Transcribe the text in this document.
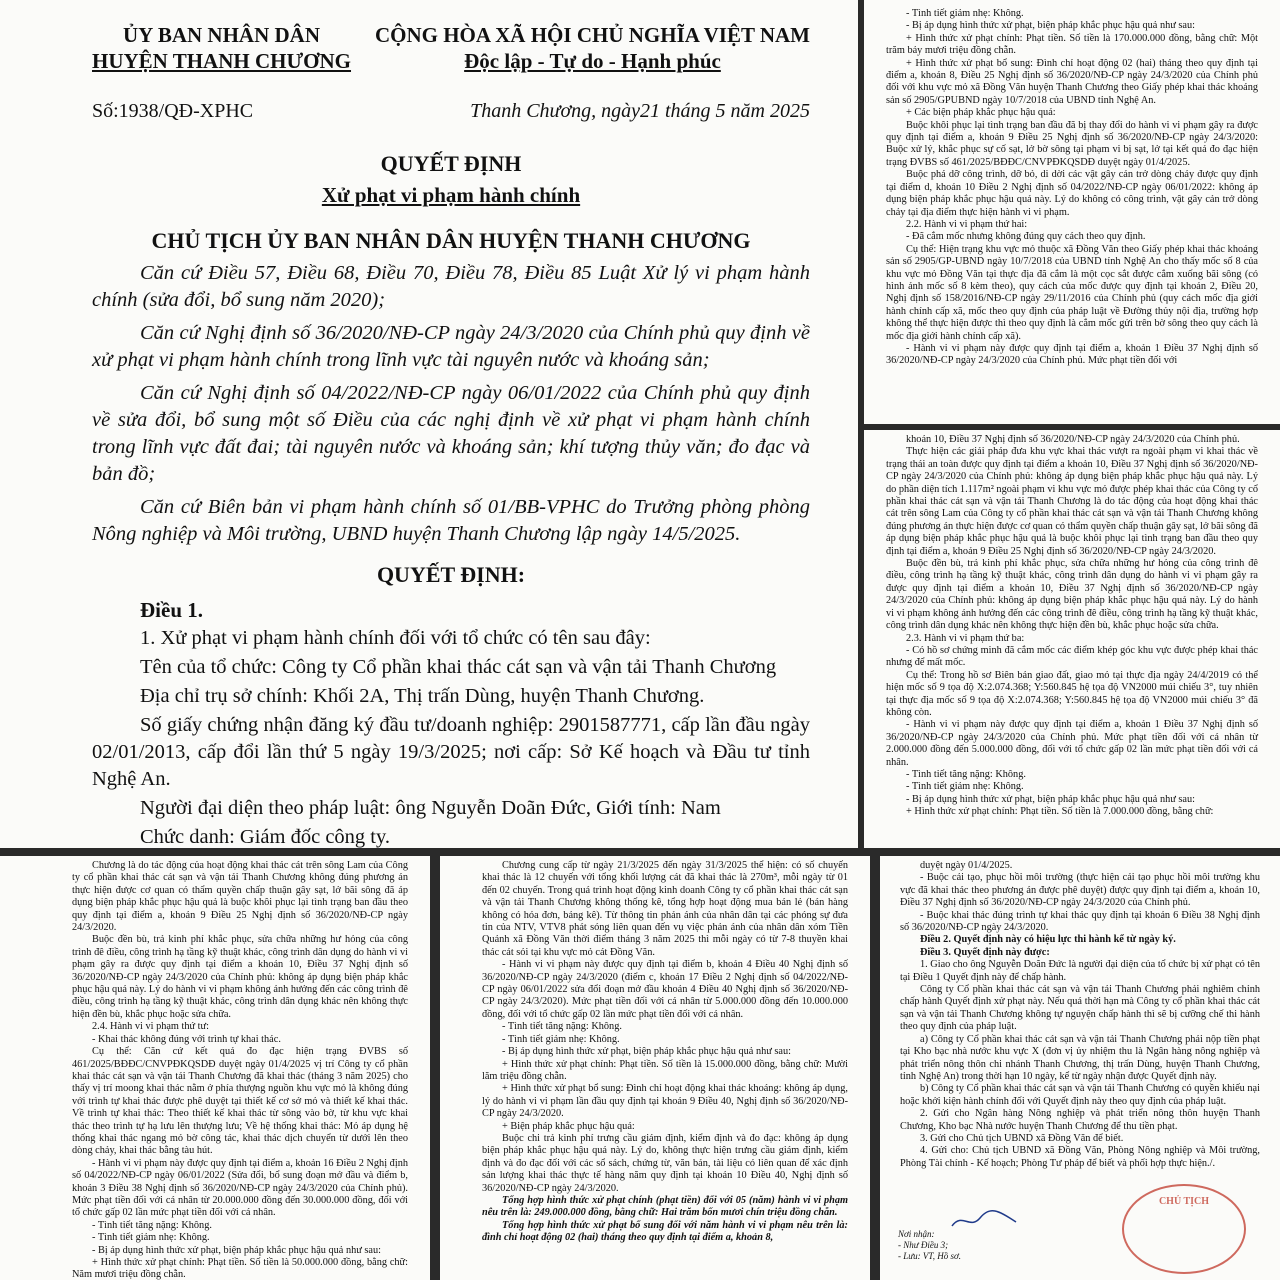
ỦY BAN NHÂN DÂN
HUYỆN THANH CHƯƠNG
CỘNG HÒA XÃ HỘI CHỦ NGHĨA VIỆT NAM
Độc lập - Tự do - Hạnh phúc
Số:1938/QĐ-XPHC	Thanh Chương, ngày21 tháng 5 năm 2025
QUYẾT ĐỊNH
Xử phạt vi phạm hành chính
CHỦ TỊCH ỦY BAN NHÂN DÂN HUYỆN THANH CHƯƠNG

Căn cứ Điều 57, Điều 68, Điều 70, Điều 78, Điều 85 Luật Xử lý vi phạm hành chính (sửa đổi, bổ sung năm 2020);

Căn cứ Nghị định số 36/2020/NĐ-CP ngày 24/3/2020 của Chính phủ quy định về xử phạt vi phạm hành chính trong lĩnh vực tài nguyên nước và khoáng sản;

Căn cứ Nghị định số 04/2022/NĐ-CP ngày 06/01/2022 của Chính phủ quy định về sửa đổi, bổ sung một số Điều của các nghị định về xử phạt vi phạm hành chính trong lĩnh vực đất đai; tài nguyên nước và khoáng sản; khí tượng thủy văn; đo đạc và bản đồ;

Căn cứ Biên bản vi phạm hành chính số 01/BB-VPHC do Trưởng phòng phòng Nông nghiệp và Môi trường, UBND huyện Thanh Chương lập ngày 14/5/2025.

QUYẾT ĐỊNH:
Điều 1.

1. Xử phạt vi phạm hành chính đối với tổ chức có tên sau đây:

Tên của tổ chức: Công ty Cổ phần khai thác cát sạn và vận tải Thanh Chương

Địa chỉ trụ sở chính: Khối 2A, Thị trấn Dùng, huyện Thanh Chương.

Số giấy chứng nhận đăng ký đầu tư/doanh nghiệp: 2901587771, cấp lần đầu ngày 02/01/2013, cấp đổi lần thứ 5 ngày 19/3/2025; nơi cấp: Sở Kế hoạch và Đầu tư tỉnh Nghệ An.

Người đại diện theo pháp luật: ông Nguyễn Doãn Đức, Giới tính: Nam

Chức danh: Giám đốc công ty.

- Tình tiết giảm nhẹ: Không.

- Bị áp dụng hình thức xử phạt, biện pháp khắc phục hậu quả như sau:

+ Hình thức xử phạt chính: Phạt tiền. Số tiền là 170.000.000 đồng, bằng chữ: Một trăm bảy mươi triệu đồng chẵn.

+ Hình thức xử phạt bổ sung: Đình chỉ hoạt động 02 (hai) tháng theo quy định tại điểm a, khoản 8, Điều 25 Nghị định số 36/2020/NĐ-CP ngày 24/3/2020 của Chính phủ đối với khu vực mỏ xã Đồng Văn huyện Thanh Chương theo Giấy phép khai thác khoáng sản số 2905/GPUBND ngày 10/7/2018 của UBND tỉnh Nghệ An.

+ Các biện pháp khắc phục hậu quả:

Buộc khôi phục lại tình trạng ban đầu đã bị thay đổi do hành vi vi phạm gây ra được quy định tại điểm a, khoản 9 Điều 25 Nghị định số 36/2020/NĐ-CP ngày 24/3/2020: Buộc xử lý, khắc phục sự cố sạt, lở bờ sông tại phạm vi bị sạt, lở tại kết quả đo đạc hiện trạng ĐVBS số 461/2025/BĐĐC/CNVPĐKQSDĐ duyệt ngày 01/4/2025.

Buộc phá dỡ công trình, dỡ bỏ, di dời các vật gây cản trở dòng chảy được quy định tại điểm d, khoản 10 Điều 2 Nghị định số 04/2022/NĐ-CP ngày 06/01/2022: không áp dụng biện pháp khắc phục hậu quả này. Lý do không có công trình, vật gây cản trở dòng chảy tại địa điểm thực hiện hành vi vi phạm.

2.2. Hành vi vi phạm thứ hai:

- Đã cắm mốc nhưng không đúng quy cách theo quy định.

Cụ thể: Hiện trạng khu vực mỏ thuộc xã Đồng Văn theo Giấy phép khai thác khoáng sản số 2905/GP-UBND ngày 10/7/2018 của UBND tỉnh Nghệ An cho thấy mốc số 8 của khu vực mỏ Đồng Văn tại thực địa đã cắm là một cọc sắt được cắm xuống bãi sông (có hình ảnh mốc số 8 kèm theo), quy cách của mốc được quy định tại khoản 2, Điều 20, Nghị định số 158/2016/NĐ-CP ngày 29/11/2016 của Chính phủ (quy cách mốc địa giới hành chính cấp xã, mốc theo quy định của pháp luật về Đường thủy nội địa, trường hợp không thể thực hiện được thì theo quy định là cắm mốc gửi trên bờ sông theo quy cách là mốc địa giới hành chính cấp xã).

- Hành vi vi phạm này được quy định tại điểm a, khoản 1 Điều 37 Nghị định số 36/2020/NĐ-CP ngày 24/3/2020 của Chính phủ. Mức phạt tiền đối với

khoản 10, Điều 37 Nghị định số 36/2020/NĐ-CP ngày 24/3/2020 của Chính phủ.

Thực hiện các giải pháp đưa khu vực khai thác vượt ra ngoài phạm vi khai thác về trạng thái an toàn được quy định tại điểm a khoản 10, Điều 37 Nghị định số 36/2020/NĐ-CP ngày 24/3/2020 của Chính phủ: không áp dụng biện pháp khắc phục hậu quả này. Lý do phần diện tích 1.117m² ngoài phạm vi khu vực mỏ được phép khai thác của Công ty cổ phần khai thác cát sạn và vận tải Thanh Chương là do tác động của hoạt động khai thác cát trên sông Lam của Công ty cổ phần khai thác cát sạn và vận tải Thanh Chương không đúng phương án thực hiện được cơ quan có thẩm quyền chấp thuận gây sạt, lở bãi sông đã áp dụng biện pháp khắc phục hậu quả là buộc khôi phục lại tình trạng ban đầu theo quy định tại điểm a, khoản 9 Điều 25 Nghị định số 36/2020/NĐ-CP ngày 24/3/2020.

Buộc đền bù, trả kinh phí khắc phục, sửa chữa những hư hỏng của công trình đê điều, công trình hạ tầng kỹ thuật khác, công trình dân dụng do hành vi vi phạm gây ra được quy định tại điểm a khoản 10, Điều 37 Nghị định số 36/2020/NĐ-CP ngày 24/3/2020 của Chính phủ: không áp dụng biện pháp khắc phục hậu quả này. Lý do hành vi vi phạm không ảnh hưởng đến các công trình đê điều, công trình hạ tầng kỹ thuật khác, công trình dân dụng khác nên không thực hiện đền bù, khắc phục hoặc sửa chữa.

2.3. Hành vi vi phạm thứ ba:

- Có hồ sơ chứng minh đã cắm mốc các điểm khép góc khu vực được phép khai thác nhưng để mất mốc.

Cụ thể: Trong hồ sơ Biên bản giao đất, giao mỏ tại thực địa ngày 24/4/2019 có thể hiện mốc số 9 tọa độ X:2.074.368; Y:560.845 hệ tọa độ VN2000 múi chiếu 3°, tuy nhiên tại thực địa mốc số 9 tọa độ X:2.074.368; Y:560.845 hệ tọa độ VN2000 múi chiếu 3° đã không còn.

- Hành vi vi phạm này được quy định tại điểm a, khoản 1 Điều 37 Nghị định số 36/2020/NĐ-CP ngày 24/3/2020 của Chính phủ. Mức phạt tiền đối với cá nhân từ 2.000.000 đồng đến 5.000.000 đồng, đối với tổ chức gấp 02 lần mức phạt tiền đối với cá nhân.

- Tình tiết tăng nặng: Không.

- Tình tiết giảm nhẹ: Không.

- Bị áp dụng hình thức xử phạt, biện pháp khắc phục hậu quả như sau:

+ Hình thức xử phạt chính: Phạt tiền. Số tiền là 7.000.000 đồng, bằng chữ:

Chương là do tác động của hoạt động khai thác cát trên sông Lam của Công ty cổ phần khai thác cát sạn và vận tải Thanh Chương không đúng phương án thực hiện được cơ quan có thẩm quyền chấp thuận gây sạt, lở bãi sông đã áp dụng biện pháp khắc phục hậu quả là buộc khôi phục lại tình trạng ban đầu theo quy định tại điểm a, khoản 9 Điều 25 Nghị định số 36/2020/NĐ-CP ngày 24/3/2020.

Buộc đền bù, trả kinh phí khắc phục, sửa chữa những hư hỏng của công trình đê điều, công trình hạ tầng kỹ thuật khác, công trình dân dụng do hành vi vi phạm gây ra được quy định tại điểm a khoản 10, Điều 37 Nghị định số 36/2020/NĐ-CP ngày 24/3/2020 của Chính phủ: không áp dụng biện pháp khắc phục hậu quả này. Lý do hành vi vi phạm không ảnh hưởng đến các công trình đê điều, công trình hạ tầng kỹ thuật khác, công trình dân dụng khác nên không thực hiện đền bù, khắc phục hoặc sửa chữa.

2.4. Hành vi vi phạm thứ tư:

- Khai thác không đúng với trình tự khai thác.

Cụ thể: Căn cứ kết quả đo đạc hiện trạng ĐVBS số 461/2025/BĐĐC/CNVPĐKQSDĐ duyệt ngày 01/4/2025 vị trí Công ty cổ phần khai thác cát sạn và vận tải Thanh Chương đã khai thác (tháng 3 năm 2025) cho thấy vị trí moong khai thác nằm ở phía thượng nguồn khu vực mỏ là không đúng với trình tự khai thác được phê duyệt tại thiết kế cơ sở mỏ và thiết kế khai thác. Về trình tự khai thác: Theo thiết kế khai thác từ sông vào bờ, từ khu vực khai thác theo trình tự hạ lưu lên thượng lưu; Về hệ thống khai thác: Mỏ áp dụng hệ thống khai thác ngang mỏ bờ công tác, khai thác dịch chuyển từ dưới lên theo dòng chảy, khai thác bằng tàu hút.

- Hành vi vi phạm này được quy định tại điểm a, khoản 16 Điều 2 Nghị định số 04/2022/NĐ-CP ngày 06/01/2022 (Sửa đổi, bổ sung đoạn mở đầu và điểm b, khoản 3 Điều 38 Nghị định số 36/2020/NĐ-CP ngày 24/3/2020 của Chính phủ). Mức phạt tiền đối với cá nhân từ 20.000.000 đồng đến 30.000.000 đồng, đối với tổ chức gấp 02 lần mức phạt tiền đối với cá nhân.

- Tình tiết tăng nặng: Không.

- Tình tiết giảm nhẹ: Không.

- Bị áp dụng hình thức xử phạt, biện pháp khắc phục hậu quả như sau:

+ Hình thức xử phạt chính: Phạt tiền. Số tiền là 50.000.000 đồng, bằng chữ: Năm mươi triệu đồng chẵn.

Chương cung cấp từ ngày 21/3/2025 đến ngày 31/3/2025 thể hiện: có số chuyến khai thác là 12 chuyến với tổng khối lượng cát đã khai thác là 270m³, mỗi ngày từ 01 đến 02 chuyến. Trong quá trình hoạt động kinh doanh Công ty cổ phần khai thác cát sạn và vận tải Thanh Chương không thống kê, tổng hợp hoạt động mua bán lẻ (bán hàng không có hóa đơn, bảng kê). Từ thông tin phản ánh của nhân dân tại các phóng sự đưa tin của NTV, VTV8 phát sóng liên quan đến vụ việc phản ánh của nhân dân xóm Tiền Quảnh xã Đồng Văn thời điểm tháng 3 năm 2025 thì mỗi ngày có từ 7-8 thuyền khai thác cát sỏi tại khu vực mỏ cát Đồng Văn.

- Hành vi vi phạm này được quy định tại điểm b, khoản 4 Điều 40 Nghị định số 36/2020/NĐ-CP ngày 24/3/2020 (điểm c, khoản 17 Điều 2 Nghị định số 04/2022/NĐ-CP ngày 06/01/2022 sửa đổi đoạn mở đầu khoản 4 Điều 40 Nghị định số 36/2020/NĐ-CP ngày 24/3/2020). Mức phạt tiền đối với cá nhân từ 5.000.000 đồng đến 10.000.000 đồng, đối với tổ chức gấp 02 lần mức phạt tiền đối với cá nhân.

- Tình tiết tăng nặng: Không.

- Tình tiết giảm nhẹ: Không.

- Bị áp dụng hình thức xử phạt, biện pháp khắc phục hậu quả như sau:

+ Hình thức xử phạt chính: Phạt tiền. Số tiền là 15.000.000 đồng, bằng chữ: Mười lăm triệu đồng chẵn.

+ Hình thức xử phạt bổ sung: Đình chỉ hoạt động khai thác khoáng: không áp dụng, lý do hành vi vi phạm lần đầu quy định tại khoản 9 Điều 40, Nghị định số 36/2020/NĐ-CP ngày 24/3/2020.

+ Biện pháp khắc phục hậu quả:

Buộc chi trả kinh phí trưng cầu giám định, kiểm định và đo đạc: không áp dụng biện pháp khắc phục hậu quả này. Lý do, không thực hiện trưng cầu giám định, kiểm định và đo đạc đối với các sổ sách, chứng từ, văn bản, tài liệu có liên quan để xác định sản lượng khai thác thực tế hàng năm quy định tại khoản 10 Điều 40, Nghị định số 36/2020/NĐ-CP ngày 24/3/2020.

Tổng hợp hình thức xử phạt chính (phạt tiền) đối với 05 (năm) hành vi vi phạm nêu trên là: 249.000.000 đồng, bằng chữ: Hai trăm bốn mươi chín triệu đồng chẵn.

Tổng hợp hình thức xử phạt bổ sung đối với năm hành vi vi phạm nêu trên là: đình chỉ hoạt động 02 (hai) tháng theo quy định tại điểm a, khoản 8,

duyệt ngày 01/4/2025.

- Buộc cải tạo, phục hồi môi trường (thực hiện cải tạo phục hồi môi trường khu vực đã khai thác theo phương án được phê duyệt) được quy định tại điểm a, khoản 10, Điều 37 Nghị định số 36/2020/NĐ-CP ngày 24/3/2020 của Chính phủ.

- Buộc khai thác đúng trình tự khai thác quy định tại khoản 6 Điều 38 Nghị định số 36/2020/NĐ-CP ngày 24/3/2020.

Điều 2. Quyết định này có hiệu lực thi hành kể từ ngày ký.

Điều 3. Quyết định này được:

1. Giao cho ông Nguyễn Doãn Đức là người đại diện của tổ chức bị xử phạt có tên tại Điều 1 Quyết định này để chấp hành.

Công ty Cổ phần khai thác cát sạn và vận tải Thanh Chương phải nghiêm chỉnh chấp hành Quyết định xử phạt này. Nếu quá thời hạn mà Công ty cổ phần khai thác cát sạn và vận tải Thanh Chương không tự nguyện chấp hành thì sẽ bị cưỡng chế thi hành theo quy định của pháp luật.

a) Công ty Cổ phần khai thác cát sạn và vận tải Thanh Chương phải nộp tiền phạt tại Kho bạc nhà nước khu vực X (đơn vị ủy nhiệm thu là Ngân hàng nông nghiệp và phát triển nông thôn chi nhánh Thanh Chương, thị trấn Dùng, huyện Thanh Chương, tỉnh Nghệ An) trong thời hạn 10 ngày, kể từ ngày nhận được Quyết định này.

b) Công ty Cổ phần khai thác cát sạn và vận tải Thanh Chương có quyền khiếu nại hoặc khởi kiện hành chính đối với Quyết định này theo quy định của pháp luật.

2. Gửi cho Ngân hàng Nông nghiệp và phát triển nông thôn huyện Thanh Chương, Kho bạc Nhà nước huyện Thanh Chương để thu tiền phạt.

3. Gửi cho Chủ tịch UBND xã Đồng Văn để biết.

4. Gửi cho: Chủ tịch UBND xã Đồng Văn, Phòng Nông nghiệp và Môi trường, Phòng Tài chính - Kế hoạch; Phòng Tư pháp để biết và phối hợp thực hiện./.

Nơi nhận:
- Như Điều 3;
- Lưu: VT, Hồ sơ.
CHỦ TỊCH
